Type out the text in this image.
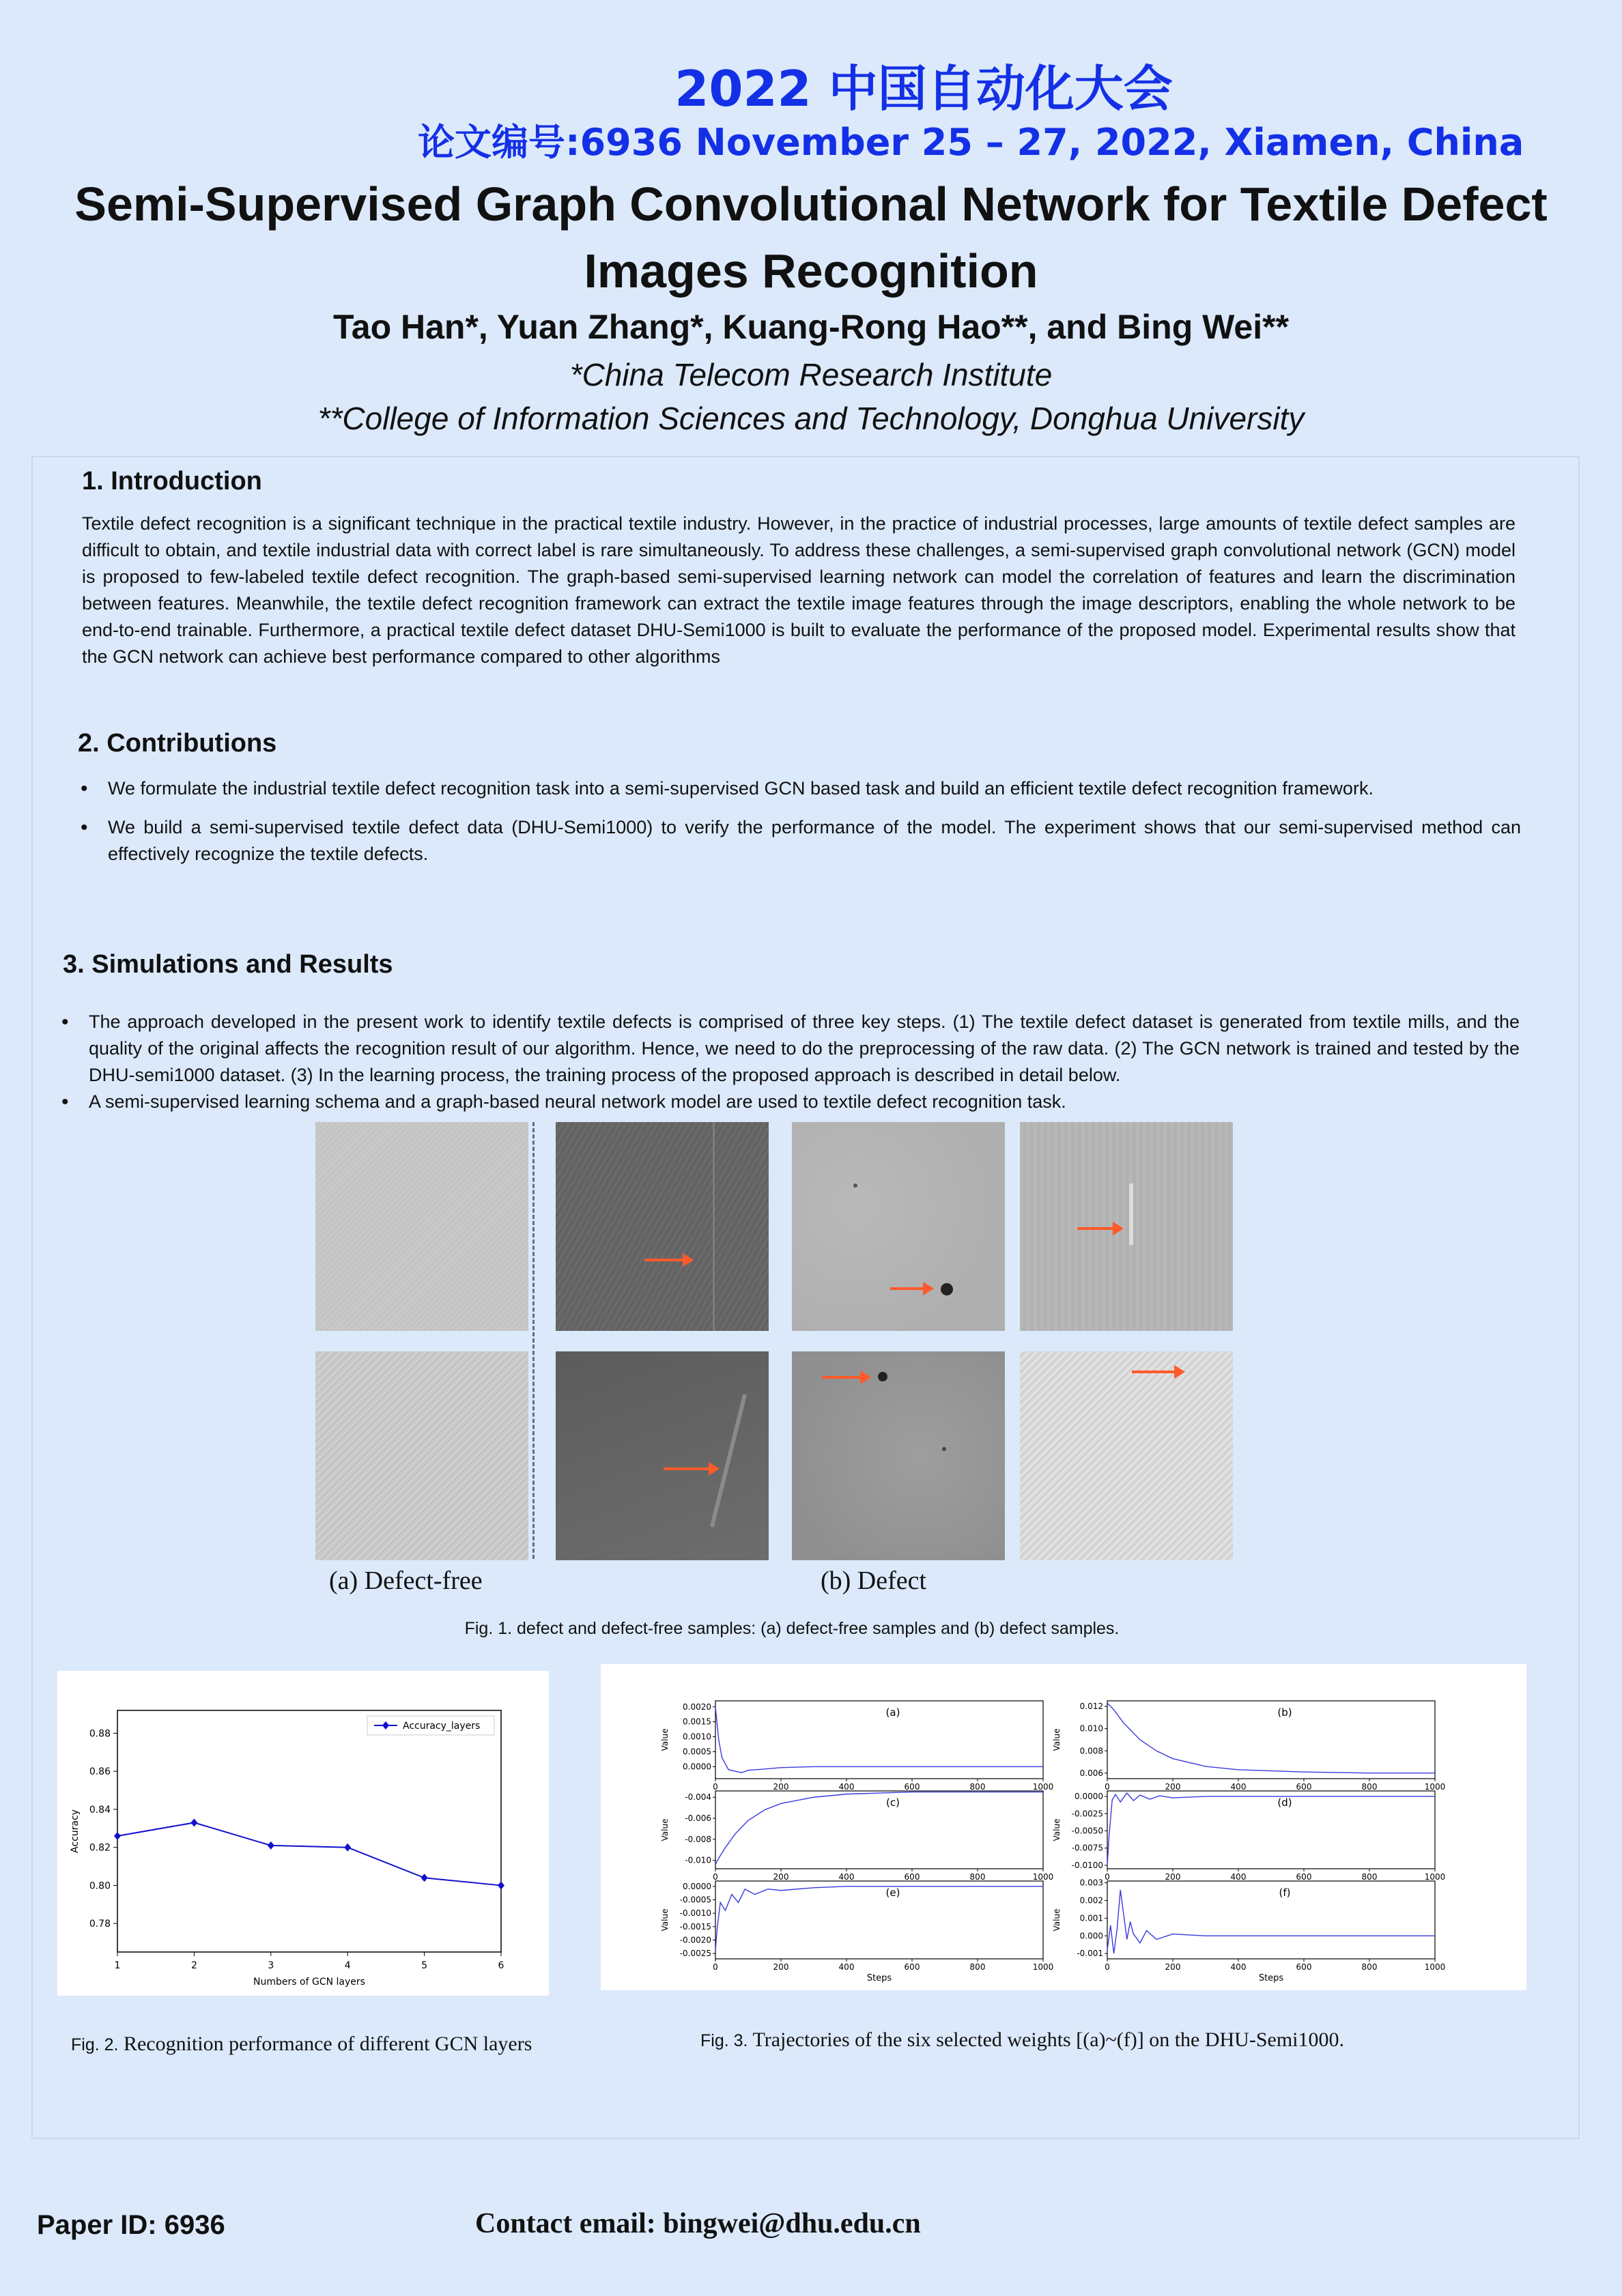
2022 中国自动化大会
论文编号:6936 November 25 – 27, 2022, Xiamen, China
Semi-Supervised Graph Convolutional Network for Textile Defect Images Recognition
Tao Han*, Yuan Zhang*, Kuang-Rong Hao**, and Bing Wei**
*China Telecom Research Institute
**College of Information Sciences and Technology, Donghua University
1. Introduction
Textile defect recognition is a significant technique in the practical textile industry. However, in the practice of industrial processes, large amounts of textile defect samples are difficult to obtain, and textile industrial data with correct label is rare simultaneously. To address these challenges, a semi-supervised graph convolutional network (GCN) model is proposed to few-labeled textile defect recognition. The graph-based semi-supervised learning network can model the correlation of features and learn the discrimination between features. Meanwhile, the textile defect recognition framework can extract the textile image features through the image descriptors, enabling the whole network to be end-to-end trainable. Furthermore, a practical textile defect dataset DHU-Semi1000 is built to evaluate the performance of the proposed model. Experimental results show that the GCN network can achieve best performance compared to other algorithms
2. Contributions
• We formulate the industrial textile defect recognition task into a semi-supervised GCN based task and build an efficient textile defect recognition framework.
• We build a semi-supervised textile defect data (DHU-Semi1000) to verify the performance of the model. The experiment shows that our semi-supervised method can effectively recognize the textile defects.
3. Simulations and Results
• The approach developed in the present work to identify textile defects is comprised of three key steps. (1) The textile defect dataset is generated from textile mills, and the quality of the original affects the recognition result of our algorithm. Hence, we need to do the preprocessing of the raw data. (2) The GCN network is trained and tested by the DHU-semi1000 dataset. (3) In the learning process, the training process of the proposed approach is described in detail below.
• A semi-supervised learning schema and a graph-based neural network model are used to textile defect recognition task.
(a) Defect-free	(b) Defect
Fig. 1. defect and defect-free samples: (a) defect-free samples and (b) defect samples.
0.78
0.80
0.82
0.84
0.86
0.88
1	2	3	4	5	6
Numbers of GCN layers
Accuracy
Accuracy_layers
Fig. 2. Recognition performance of different GCN layers
0.0020
0.0015
0.0010
0.0005
0.0000
0	200	400	600	800	1000
Value
(a)	0.012
0.010
0.008
0.006
0	200	400	600	800	1000
Value
(b)
-0.004
-0.006
-0.008
-0.010
0	200	400	600	800	1000
Value
(c)	0.0000
-0.0025
-0.0050
-0.0075
-0.0100
0	200	400	600	800	1000
Value
(d)
0.0000
-0.0005
-0.0010
-0.0015
-0.0020
-0.0025
0	200	400	600	800	1000
Value
(e)
Steps
0.003
0.002
0.001
0.000
-0.001
0	200	400	600	800	1000
Value
(f)
Steps
Fig. 3. Trajectories of the six selected weights [(a)~(f)] on the DHU-Semi1000.
Paper ID: 6936	Contact email: bingwei@dhu.edu.cn
